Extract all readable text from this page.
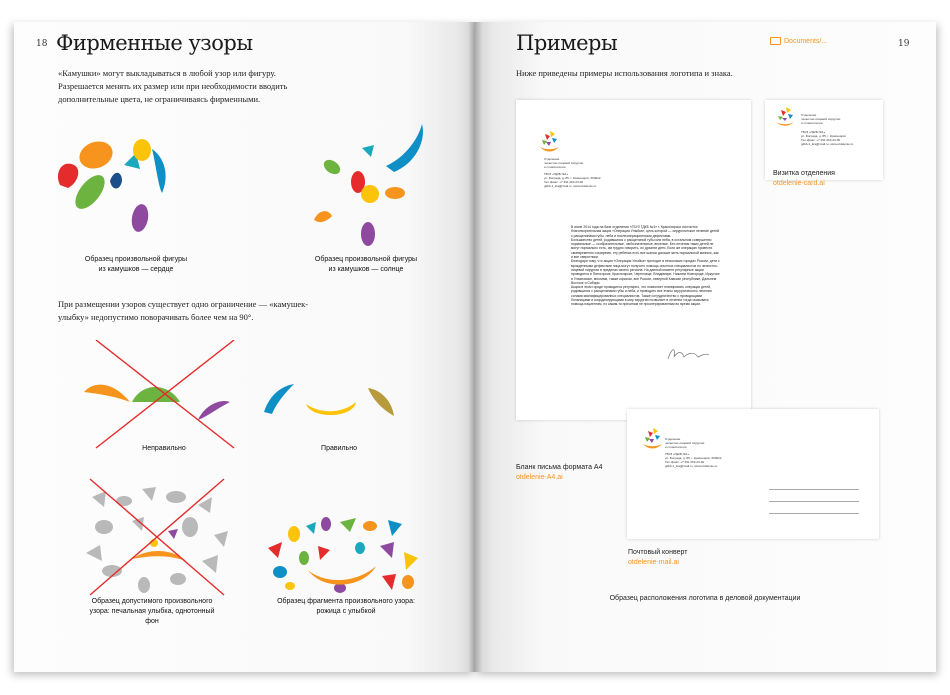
18 Фирменные узоры
«Камушки» могут выкладываться в любой узор или фигуру. Разрешается менять их размер или при необходимости вводить дополнительные цвета, не ограничиваясь фирменными.
Образец произвольной фигуры из камушков — сердце
Образец произвольной фигуры из камушков — солнце
При размещении узоров существует одно ограничение — «камушек-улыбку» недопустимо поворачивать более чем на 90°.
Неправильно	Правильно
Образец допустимого произвольного узора: печальная улыбка, однотонный фон
Образец фрагмента произвольного узора: рожица с улыбкой
Примеры	Documents/...	19
Ниже приведены примеры использования логотипа и знака.
Отделение
челюстно-лицевой хирургии
и стоматологии
ГБУЗ «ГДКБ №1»
ул. Бограда, д. 85, г. Красноярск, 660022
Тел./факс: +7 391 263-23-00
gdkb-1_kraj@mail.ru, www.otdelenie.ru
В июне 2014 года на базе отделения «ГБУЗ ГДКБ №1» г. Красноярска состоится благотворительная акция «Операция Улыбка», цель которой — хирургическое лечение детей с расщелинами губы, неба и послеоперационными дефектами.
Большинство детей, родившихся с расщелиной губы или неба, в остальном совершенно нормальные — сообразительные, любознательные, веселые. Без лечения таких детей не могут нормально есть, им трудно говорить, их дразнят дети. Если же операцию провести своевременно и вовремя, эту ребенка есть все шансы дальше жить нормальной жизнью, как и все сверстники.
Благодаря тому, что акция «Операция Улыбка» проходит в нескольких городах России, дети с врожденными дефектами лица могут получить помощь опытных специалистов по челюстно-лицевой хирургии в пределах своего региона. На данный момент регулярные акции проводятся в Пятигорске, Красноярске, Череповце, Владимире, Нижнем Новгороде, Иркутске и Ульяновске, многими, также офисом, все России, северной Кавказе республике, Дальнем Востоке и Сибири.
Акция в этом городе проводится регулярно, что позволяет планировать операции детей, родившихся с расщелинами губы и неба, и проводить все этапы хирургического лечения силами квалифицированных специалистов. Также сотрудничество с проводящими больницами и координирующими в мир хирургии позволяет в лечении тогда оказывать помощь пациентам, по каким-то причинам не прооперированным во время акции.
Отделение
челюстно-лицевой хирургии
и стоматологии
ГБУЗ «ГДКБ №1»
ул. Бограда, д. 85, г. Красноярск
Тел./факс: +7 391 263-23-00
gdkb-1_kraj@mail.ru, www.otdelenie.ru
Визитка отделения
otdelenie-card.ai
Бланк письма формата А4
otdelenie-A4.ai
Отделение
челюстно-лицевой хирургии
и стоматологии
ГБУЗ «ГДКБ №1»
ул. Бограда, д. 85, г. Красноярск, 660022
Тел./факс: +7 391 263-23-00
gdkb-1_kraj@mail.ru, www.otdelenie.ru
Почтовый конверт
otdelenie-mail.ai
Образец расположения логотипа в деловой документации
